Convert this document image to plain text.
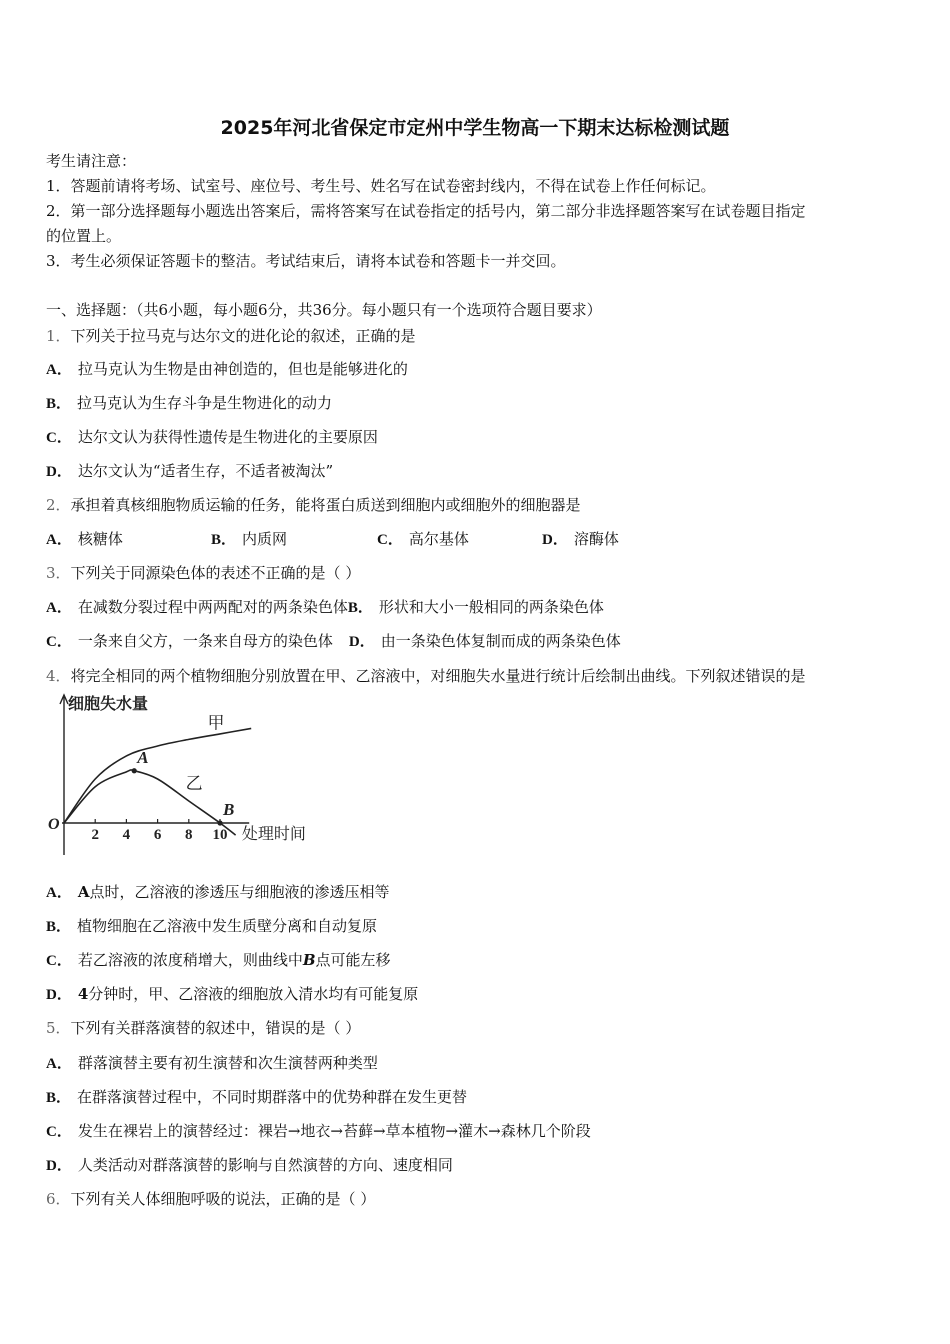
2025年河北省保定市定州中学生物高一下期末达标检测试题
考生请注意：
1．答题前请将考场、试室号、座位号、考生号、姓名写在试卷密封线内，不得在试卷上作任何标记。
2．第一部分选择题每小题选出答案后，需将答案写在试卷指定的括号内，第二部分非选择题答案写在试卷题目指定
的位置上。
3．考生必须保证答题卡的整洁。考试结束后，请将本试卷和答题卡一并交回。
一、选择题：（共6小题，每小题6分，共36分。每小题只有一个选项符合题目要求）
1．下列关于拉马克与达尔文的进化论的叙述，正确的是
A． 拉马克认为生物是由神创造的，但也是能够进化的
B． 拉马克认为生存斗争是生物进化的动力
C． 达尔文认为获得性遗传是生物进化的主要原因
D． 达尔文认为“适者生存，不适者被淘汰”
2．承担着真核细胞物质运输的任务，能将蛋白质送到细胞内或细胞外的细胞器是
A． 核糖体	B． 内质网	C． 高尔基体	D． 溶酶体
3．下列关于同源染色体的表述不正确的是（ ）
A． 在减数分裂过程中两两配对的两条染色体B． 形状和大小一般相同的两条染色体
C． 一条来自父方，一条来自母方的染色体 D． 由一条染色体复制而成的两条染色体
4．将完全相同的两个植物细胞分别放置在甲、乙溶液中，对细胞失水量进行统计后绘制出曲线。下列叙述错误的是
2 4 6 8 10
甲
乙
A
B
细胞失水量
处理时间
O
A． A点时，乙溶液的渗透压与细胞液的渗透压相等
B． 植物细胞在乙溶液中发生质壁分离和自动复原
C． 若乙溶液的浓度稍增大，则曲线中B点可能左移
D． 4分钟时，甲、乙溶液的细胞放入清水均有可能复原
5．下列有关群落演替的叙述中，错误的是（ ）
A． 群落演替主要有初生演替和次生演替两种类型
B． 在群落演替过程中，不同时期群落中的优势种群在发生更替
C． 发生在裸岩上的演替经过：裸岩→地衣→苔藓→草本植物→灌木→森林几个阶段
D． 人类活动对群落演替的影响与自然演替的方向、速度相同
6．下列有关人体细胞呼吸的说法，正确的是（ ）
